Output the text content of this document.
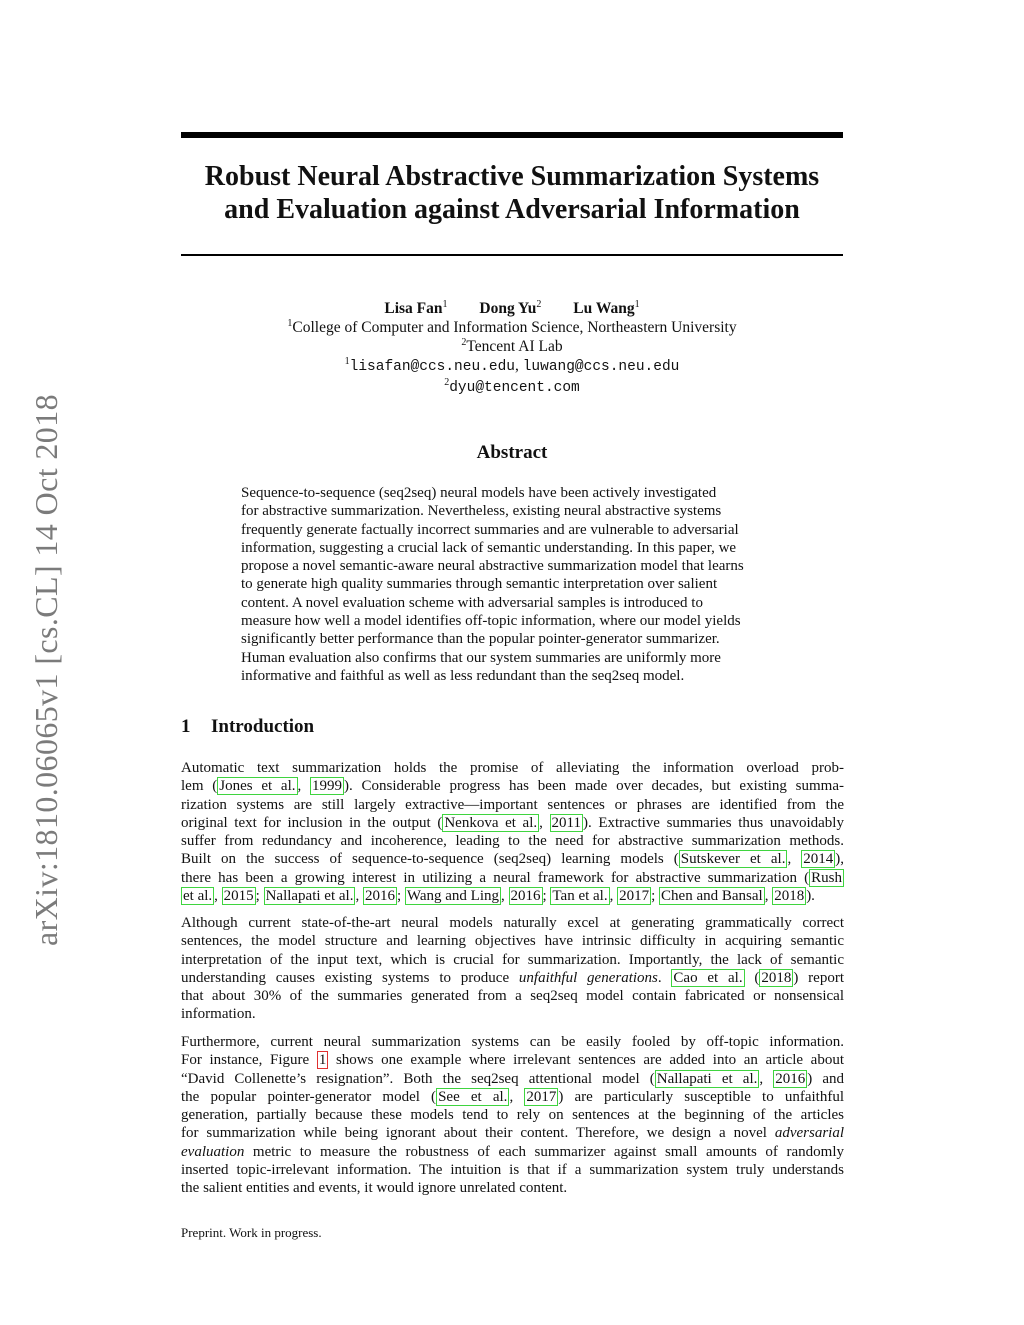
arXiv:1810.06065v1 [cs.CL] 14 Oct 2018
Robust Neural Abstractive Summarization Systems
and Evaluation against Adversarial Information
Lisa Fan$^1$ Dong Yu$^2$ Lu Wang$^1$
$^1$College of Computer and Information Science, Northeastern University
$^2$Tencent AI Lab
$^1$lisafan@ccs.neu.edu, luwang@ccs.neu.edu
$^2$dyu@tencent.com
Abstract
Sequence-to-sequence (seq2seq) neural models have been actively investigated
for abstractive summarization. Nevertheless, existing neural abstractive systems
frequently generate factually incorrect summaries and are vulnerable to adversarial
information, suggesting a crucial lack of semantic understanding. In this paper, we
propose a novel semantic-aware neural abstractive summarization model that learns
to generate high quality summaries through semantic interpretation over salient
content. A novel evaluation scheme with adversarial samples is introduced to
measure how well a model identifies off-topic information, where our model yields
significantly better performance than the popular pointer-generator summarizer.
Human evaluation also confirms that our system summaries are uniformly more
informative and faithful as well as less redundant than the seq2seq model.
1 Introduction
Automatic text summarization holds the promise of alleviating the information overload prob-
lem ( Jones et al. , 1999 ). Considerable progress has been made over decades, but existing summa-
rization systems are still largely extractive—important sentences or phrases are identified from the
original text for inclusion in the output ( Nenkova et al. , 2011 ). Extractive summaries thus unavoidably
suffer from redundancy and incoherence, leading to the need for abstractive summarization methods.
Built on the success of sequence-to-sequence (seq2seq) learning models ( Sutskever et al. , 2014 ),
there has been a growing interest in utilizing a neural framework for abstractive summarization ( Rush
et al. , 2015 ; Nallapati et al. , 2016 ; Wang and Ling , 2016 ; Tan et al. , 2017 ; Chen and Bansal , 2018 ).
Although current state-of-the-art neural models naturally excel at generating grammatically correct
sentences, the model structure and learning objectives have intrinsic difficulty in acquiring semantic
interpretation of the input text, which is crucial for summarization. Importantly, the lack of semantic
understanding causes existing systems to produce unfaithful generations. Cao et al. ( 2018 ) report
that about 30% of the summaries generated from a seq2seq model contain fabricated or nonsensical
information.
Furthermore, current neural summarization systems can be easily fooled by off-topic information.
For instance, Figure 1 shows one example where irrelevant sentences are added into an article about
“David Collenette’s resignation”. Both the seq2seq attentional model ( Nallapati et al. , 2016 ) and
the popular pointer-generator model ( See et al. , 2017 ) are particularly susceptible to unfaithful
generation, partially because these models tend to rely on sentences at the beginning of the articles
for summarization while being ignorant about their content. Therefore, we design a novel adversarial
evaluation metric to measure the robustness of each summarizer against small amounts of randomly
inserted topic-irrelevant information. The intuition is that if a summarization system truly understands
the salient entities and events, it would ignore unrelated content.
Preprint. Work in progress.
